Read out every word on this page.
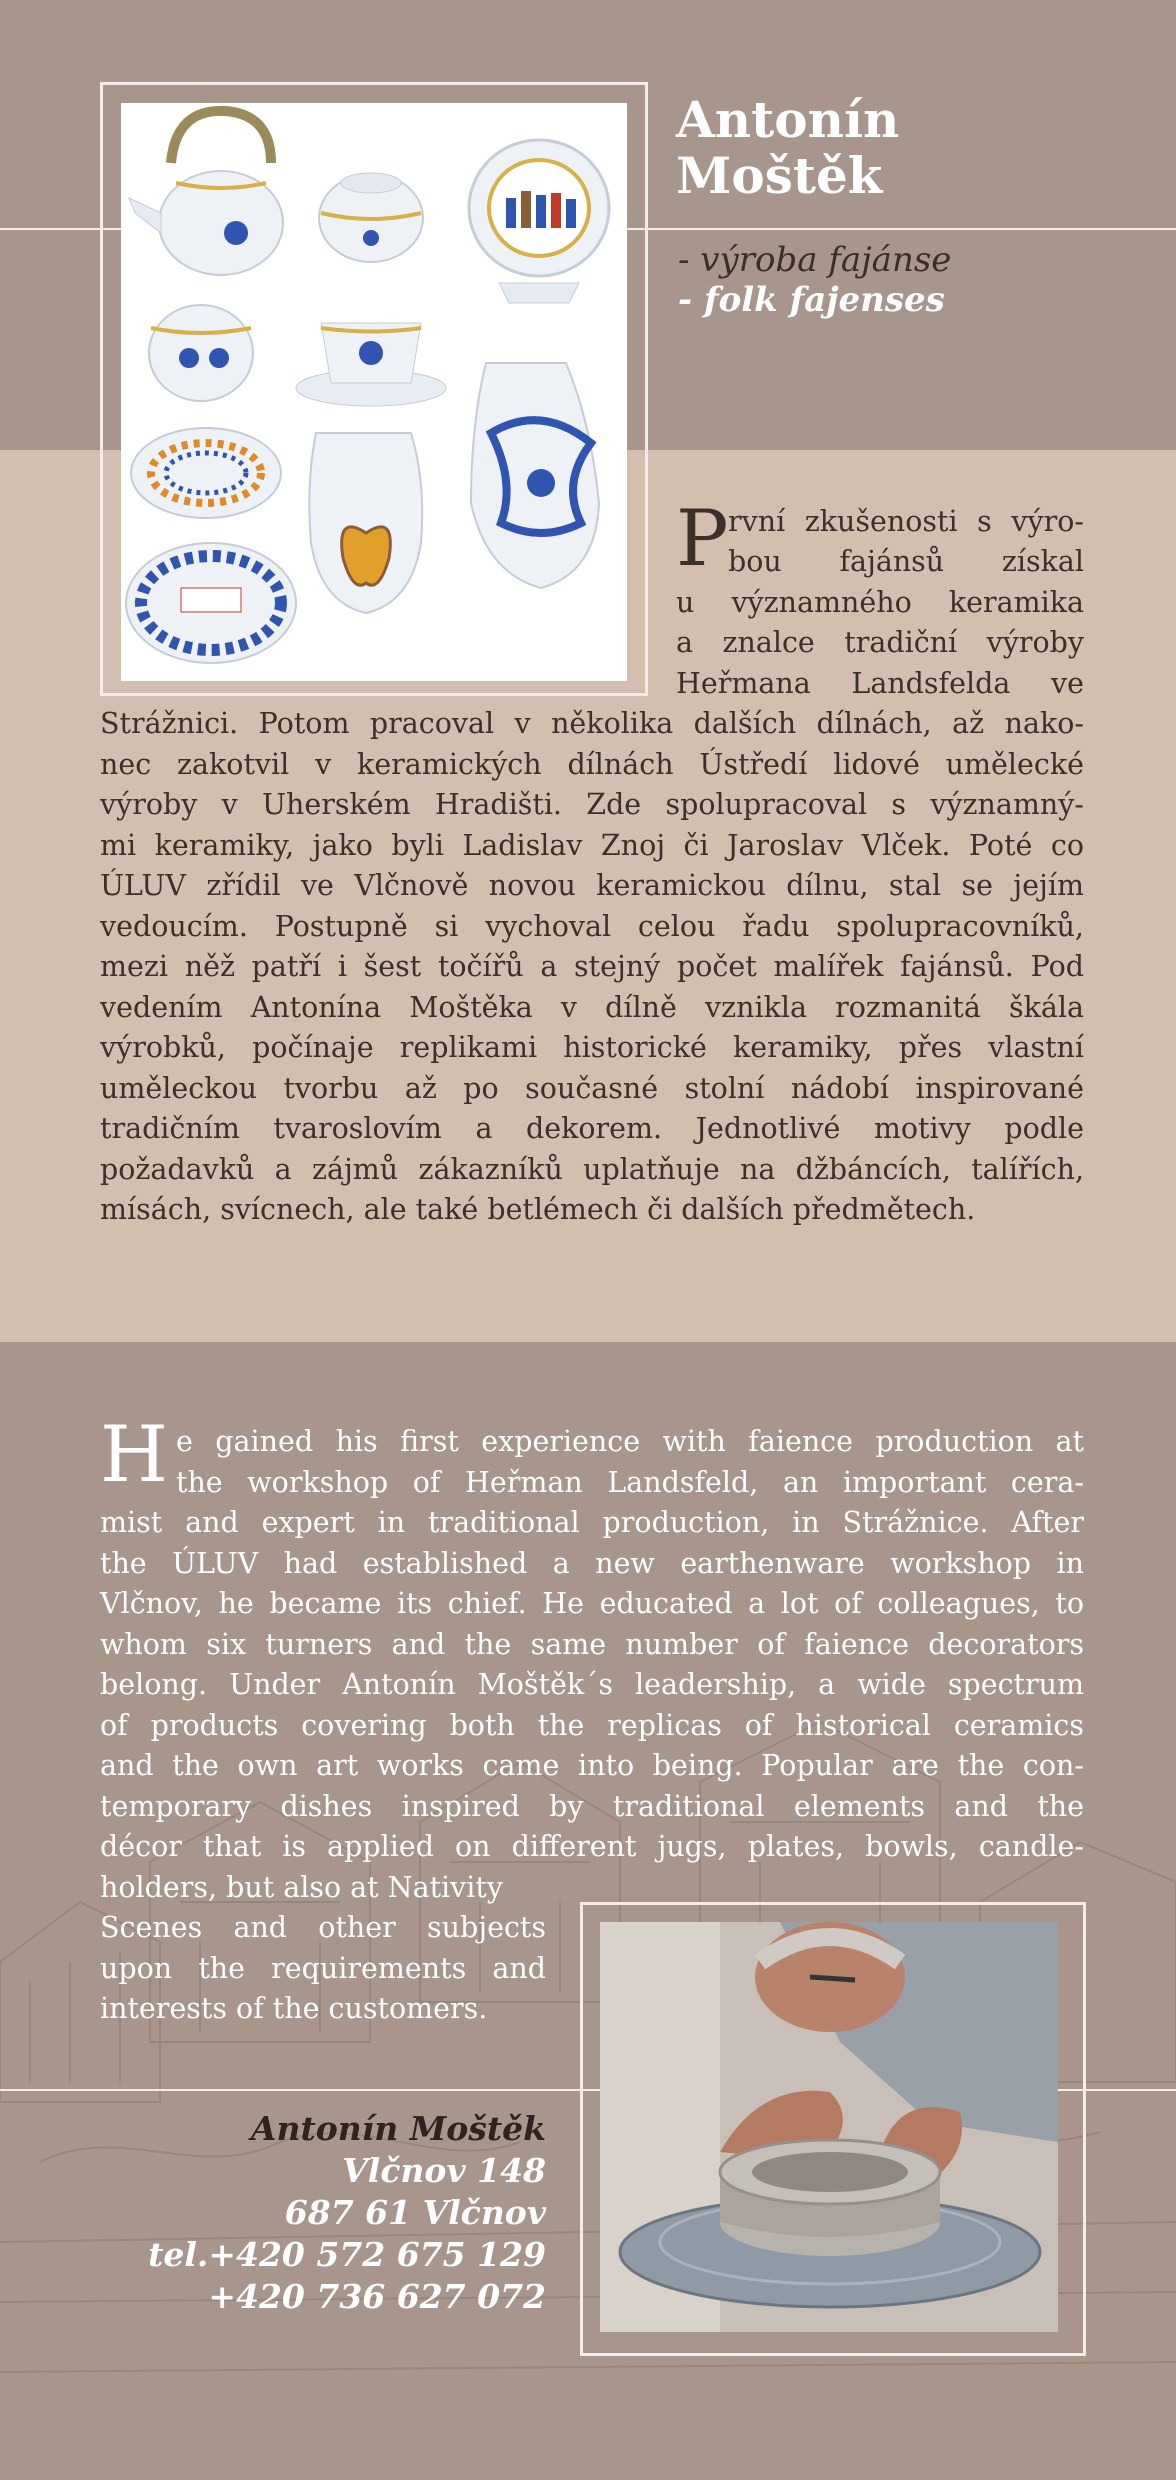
Antonín
Moštěk
- výroba fajánse
- folk fajenses
P rvní zkušenosti s výro-
bou fajánsů získal
u významného keramika
a znalce tradiční výroby
Heřmana Landsfelda ve
Strážnici. Potom pracoval v několika dalších dílnách, až nako-
nec zakotvil v keramických dílnách Ústředí lidové umělecké
výroby v Uherském Hradišti. Zde spolupracoval s významný-
mi keramiky, jako byli Ladislav Znoj či Jaroslav Vlček. Poté co
ÚLUV zřídil ve Vlčnově novou keramickou dílnu, stal se jejím
vedoucím. Postupně si vychoval celou řadu spolupracovníků,
mezi něž patří i šest točířů a stejný počet malířek fajánsů. Pod
vedením Antonína Moštěka v dílně vznikla rozmanitá škála
výrobků, počínaje replikami historické keramiky, přes vlastní
uměleckou tvorbu až po současné stolní nádobí inspirované
tradičním tvaroslovím a dekorem. Jednotlivé motivy podle
požadavků a zájmů zákazníků uplatňuje na džbáncích, talířích,
mísách, svícnech, ale také betlémech či dalších předmětech.
H e gained his first experience with faience production at
the workshop of Heřman Landsfeld, an important cera-
mist and expert in traditional production, in Strážnice. After
the ÚLUV had established a new earthenware workshop in
Vlčnov, he became its chief. He educated a lot of colleagues, to
whom six turners and the same number of faience decorators
belong. Under Antonín Moštěk´s leadership, a wide spectrum
of products covering both the replicas of historical ceramics
and the own art works came into being. Popular are the con-
temporary dishes inspired by traditional elements and the
décor that is applied on different jugs, plates, bowls, candle-
holders, but also at Nativity
Scenes and other subjects
upon the requirements and
interests of the customers.
Antonín Moštěk
Vlčnov 148
687 61 Vlčnov
tel.+420 572 675 129
+420 736 627 072
